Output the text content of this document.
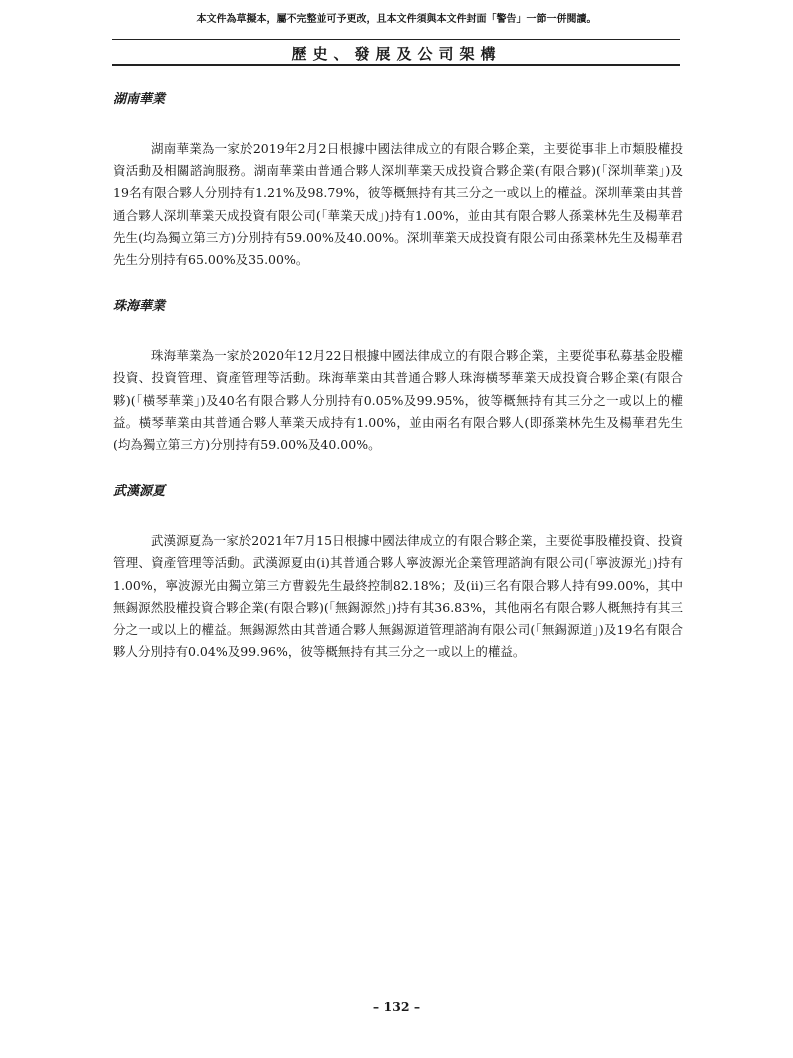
本文件為草擬本，屬不完整並可予更改，且本文件須與本文件封面「警告」一節一併閱讀。
歷史、發展及公司架構
湖南華業

湖南華業為一家於2019年2月2日根據中國法律成立的有限合夥企業，主要從事非上市類股權投資活動及相關諮詢服務。湖南華業由普通合夥人深圳華業天成投資合夥企業(有限合夥)(「深圳華業」)及19名有限合夥人分別持有1.21%及98.79%，彼等概無持有其三分之一或以上的權益。深圳華業由其普通合夥人深圳華業天成投資有限公司(「華業天成」)持有1.00%，並由其有限合夥人孫業林先生及楊華君先生(均為獨立第三方)分別持有59.00%及40.00%。深圳華業天成投資有限公司由孫業林先生及楊華君先生分別持有65.00%及35.00%。

珠海華業

珠海華業為一家於2020年12月22日根據中國法律成立的有限合夥企業，主要從事私募基金股權投資、投資管理、資產管理等活動。珠海華業由其普通合夥人珠海橫琴華業天成投資合夥企業(有限合夥)(「橫琴華業」)及40名有限合夥人分別持有0.05%及99.95%，彼等概無持有其三分之一或以上的權益。橫琴華業由其普通合夥人華業天成持有1.00%，並由兩名有限合夥人(即孫業林先生及楊華君先生(均為獨立第三方)分別持有59.00%及40.00%。

武漢源夏

武漢源夏為一家於2021年7月15日根據中國法律成立的有限合夥企業，主要從事股權投資、投資管理、資產管理等活動。武漢源夏由(i)其普通合夥人寧波源光企業管理諮詢有限公司(「寧波源光」)持有1.00%，寧波源光由獨立第三方曹毅先生最終控制82.18%；及(ii)三名有限合夥人持有99.00%，其中無錫源然股權投資合夥企業(有限合夥)(「無錫源然」)持有其36.83%，其他兩名有限合夥人概無持有其三分之一或以上的權益。無錫源然由其普通合夥人無錫源道管理諮詢有限公司(「無錫源道」)及19名有限合夥人分別持有0.04%及99.96%，彼等概無持有其三分之一或以上的權益。

– 132 –
